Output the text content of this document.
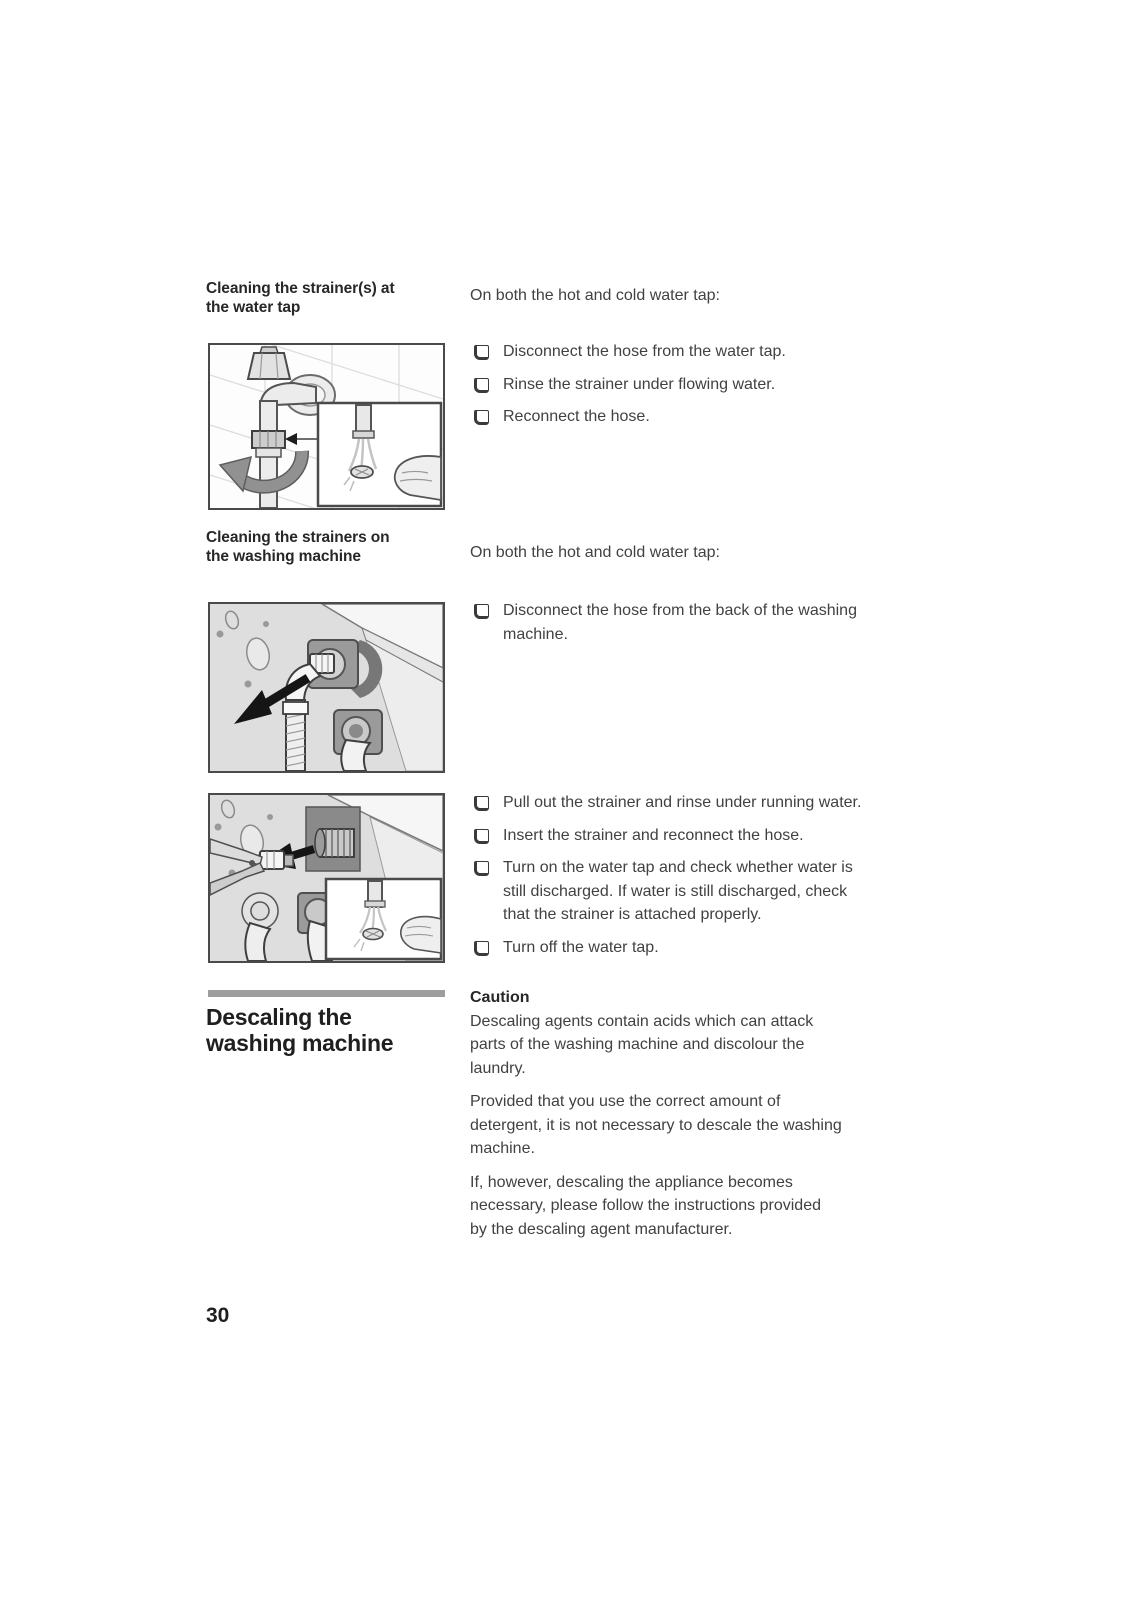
Cleaning the strainer(s) at
the water tap
On both the hot and cold water tap:
Disconnect the hose from the water tap.
Rinse the strainer under flowing water.
Reconnect the hose.
Cleaning the strainers on
the washing machine	On both the hot and cold water tap:
Disconnect the hose from the back of the washing
machine.
Pull out the strainer and rinse under running water.
Insert the strainer and reconnect the hose.
Turn on the water tap and check whether water is
still discharged. If water is still discharged, check
that the strainer is attached properly.
Turn off the water tap.
Descaling the
washing machine
Caution
Descaling agents contain acids which can attack
parts of the washing machine and discolour the
laundry.
Provided that you use the correct amount of
detergent, it is not necessary to descale the washing
machine.
If, however, descaling the appliance becomes
necessary, please follow the instructions provided
by the descaling agent manufacturer.
30
